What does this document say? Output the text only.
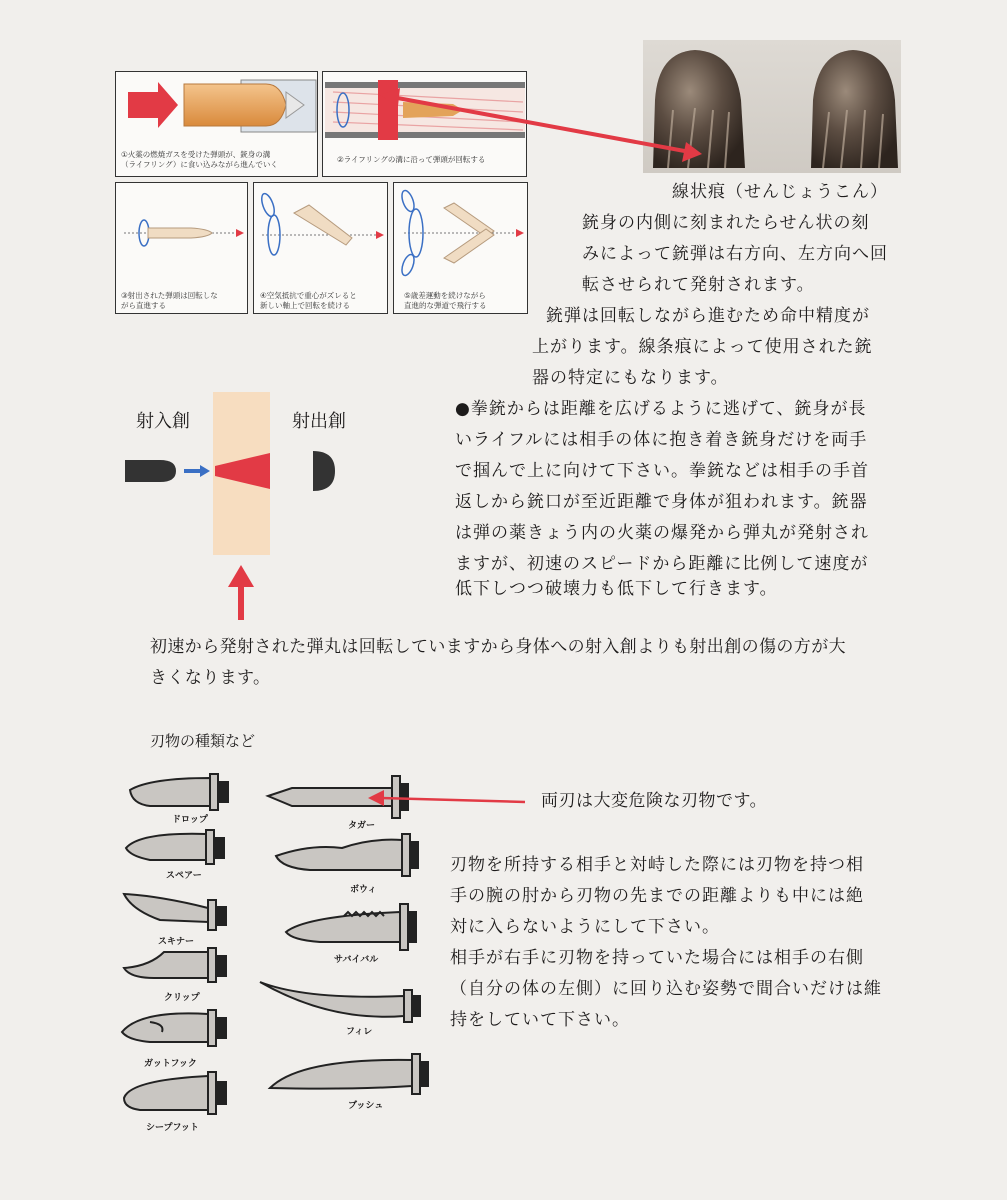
①火薬の燃焼ガスを受けた弾頭が、銃身の溝
（ライフリング）に食い込みながら進んでいく
②ライフリングの溝に沿って弾頭が回転する
③射出された弾頭は回転しな
がら直進する
④空気抵抗で重心がズレると
新しい軸上で回転を続ける
⑤歳差運動を続けながら
直進的な弾道で飛行する
線状痕（せんじょうこん）
銃身の内側に刻まれたらせん状の刻
みによって銃弾は右方向、左方向へ回
転させられて発射されます。
銃弾は回転しながら進むため命中精度が
上がります。線条痕によって使用された銃
器の特定にもなります。
射入創	射出創
●拳銃からは距離を広げるように逃げて、銃身が長
いライフルには相手の体に抱き着き銃身だけを両手
で掴んで上に向けて下さい。拳銃などは相手の手首
返しから銃口が至近距離で身体が狙われます。銃器
は弾の薬きょう内の火薬の爆発から弾丸が発射され
ますが、初速のスピードから距離に比例して速度が
低下しつつ破壊力も低下して行きます。
初速から発射された弾丸は回転していますから身体への射入創よりも射出創の傷の方が大
きくなります。
刃物の種類など
ドロップ
スペアー
スキナー
クリップ
ガットフック
シープフット
タガー
ボウィ
サバイバル
フィレ
ブッシュ
両刃は大変危険な刃物です。
刃物を所持する相手と対峙した際には刃物を持つ相
手の腕の肘から刃物の先までの距離よりも中には絶
対に入らないようにして下さい。
相手が右手に刃物を持っていた場合には相手の右側
（自分の体の左側）に回り込む姿勢で間合いだけは維
持をしていて下さい。
